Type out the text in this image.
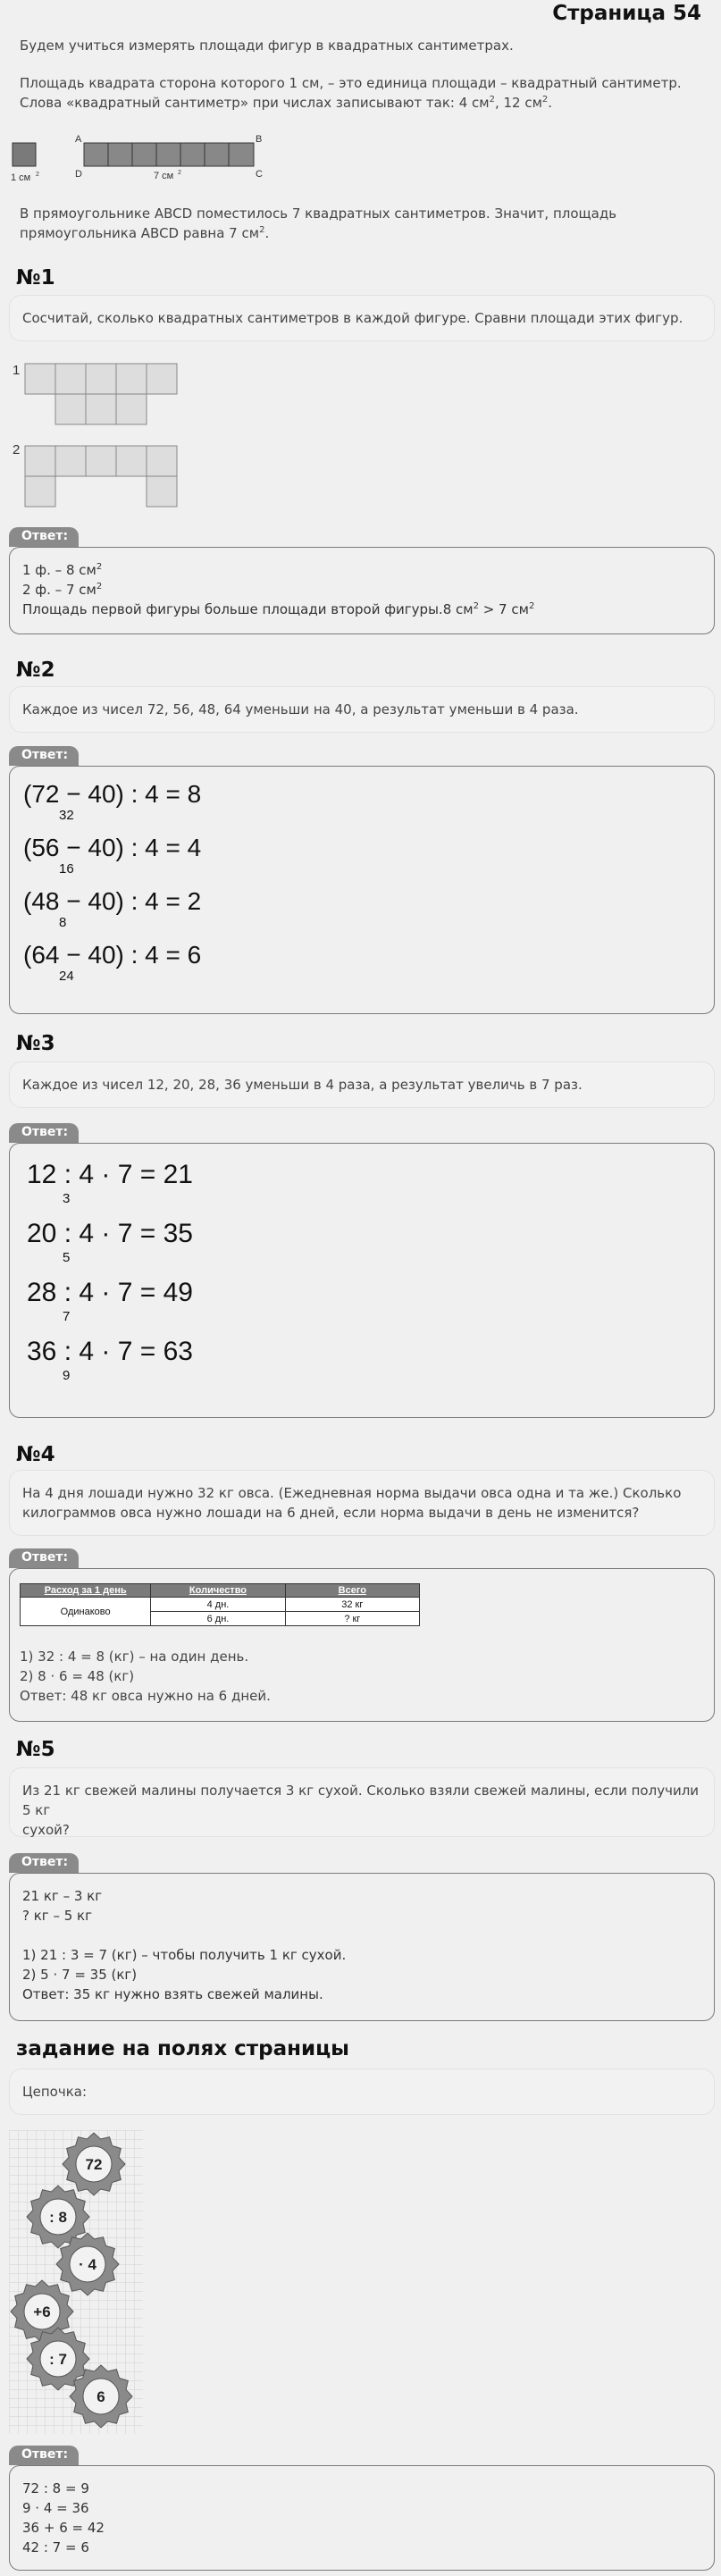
Страница 54
Будем учиться измерять площади фигур в квадратных сантиметрах.
Площадь квадрата сторона которого 1 см, – это единица площади – квадратный сантиметр.
Слова «квадратный сантиметр» при числах записывают так: 4 $см^2$, 12 $см^2$.
1 см 2
A	B
C
D	7 см 2
В прямоугольнике ABCD поместилось 7 квадратных сантиметров. Значит, площадь
прямоугольника ABCD равна 7 $см^2$.
№1
Сосчитай, сколько квадратных сантиметров в каждой фигуре. Сравни площади этих фигур.
1
2
Ответ:
1 ф. – 8 $см^2$
2 ф. – 7 $см^2$
Площадь первой фигуры больше площади второй фигуры.8 $см^2 > 7$ $см^2$
№2
Каждое из чисел 72, 56, 48, 64 уменьши на 40, а результат уменьши в 4 раза.
Ответ:
(72 − 40) : 4 = 8
32
(56 − 40) : 4 = 4
16
(48 − 40) : 4 = 2
8
(64 − 40) : 4 = 6
24
№3
Каждое из чисел 12, 20, 28, 36 уменьши в 4 раза, а результат увеличь в 7 раз.
Ответ:
12 : 4 · 7 = 21
3
20 : 4 · 7 = 35
5
28 : 4 · 7 = 49
7
36 : 4 · 7 = 63
9
№4
На 4 дня лошади нужно 32 кг овса. (Ежедневная норма выдачи овса одна и та же.) Сколько
килограммов овса нужно лошади на 6 дней, если норма выдачи в день не изменится?
Ответ:
Расход за 1 день	Количество	Всего
Одинаково	4 дн.	32 кг
	6 дн.	? кг
1) 32 : 4 = 8 (кг) – на один день.
2) 8 · 6 = 48 (кг)
Ответ: 48 кг овса нужно на 6 дней.
№5
Из 21 кг свежей малины получается 3 кг сухой. Сколько взяли свежей малины, если получили 5 кг
сухой?
Ответ:
21 кг – 3 кг
? кг – 5 кг
1) 21 : 3 = 7 (кг) – чтобы получить 1 кг сухой.
2) 5 · 7 = 35 (кг)
Ответ: 35 кг нужно взять свежей малины.
задание на полях страницы
Цепочка:
72
: 8
· 4
+6
: 7
6
Ответ:
72 : 8 = 9
9 · 4 = 36
36 + 6 = 42
42 : 7 = 6
